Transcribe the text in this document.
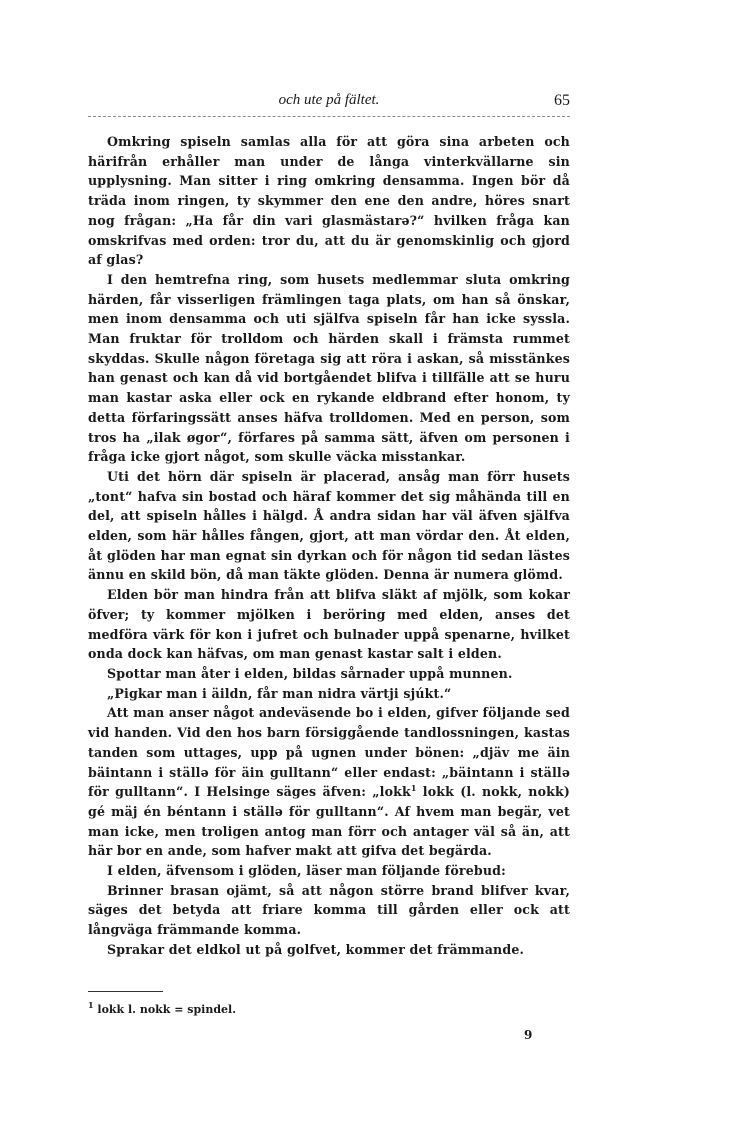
och ute på fältet.	65

Omkring spiseln samlas alla för att göra sina arbeten och härifrån erhåller man under de långa vinterkvällarne sin upplysning. Man sitter i ring omkring densamma. Ingen bör då träda inom ringen, ty skymmer den ene den andre, höres snart nog frågan: „Ha får din vari glasmästarə?“ hvilken fråga kan omskrifvas med orden: tror du, att du är genomskinlig och gjord af glas?

I den hemtrefna ring, som husets medlemmar sluta omkring härden, får visserligen främlingen taga plats, om han så önskar, men inom densamma och uti själfva spiseln får han icke syssla. Man fruktar för trolldom och härden skall i främsta rummet skyddas. Skulle någon företaga sig att röra i askan, så misstänkes han genast och kan då vid bortgåendet blifva i tillfälle att se huru man kastar aska eller ock en rykande eldbrand efter honom, ty detta förfaringssätt anses häfva trolldomen. Med en person, som tros ha „ilak øgor“, förfares på samma sätt, äfven om personen i fråga icke gjort något, som skulle väcka misstankar.

Uti det hörn där spiseln är placerad, ansåg man förr husets „tont“ hafva sin bostad och häraf kommer det sig måhända till en del, att spiseln hålles i hälgd. Å andra sidan har väl äfven själfva elden, som här hålles fången, gjort, att man vördar den. Åt elden, åt glöden har man egnat sin dyrkan och för någon tid sedan lästes ännu en skild bön, då man täkte glöden. Denna är numera glömd.

Elden bör man hindra från att blifva släkt af mjölk, som kokar öfver; ty kommer mjölken i beröring med elden, anses det medföra värk för kon i jufret och bulnader uppå spenarne, hvilket onda dock kan häfvas, om man genast kastar salt i elden.

Spottar man åter i elden, bildas sårnader uppå munnen.

„Pigkar man i äildn, får man nidra värtji sjúkt.“

Att man anser något andeväsende bo i elden, gifver följande sed vid handen. Vid den hos barn försiggående tandlossningen, kastas tanden som uttages, upp på ugnen under bönen: „djäv me äin bäintann i ställə för äin gulltann“ eller endast: „bäintann i ställə för gulltann“. I Helsinge säges äfven: „lokk$^1$ lokk (l. nokk, nokk) gé mäj én béntann i ställə för gulltann“. Af hvem man begär, vet man icke, men troligen antog man förr och antager väl så än, att här bor en ande, som hafver makt att gifva det begärda.

I elden, äfvensom i glöden, läser man följande förebud:

Brinner brasan ojämt, så att någon större brand blifver kvar, säges det betyda att friare komma till gården eller ock att långväga främmande komma.

Sprakar det eldkol ut på golfvet, kommer det främmande.

$^1$ lokk l. nokk = spindel.
9
